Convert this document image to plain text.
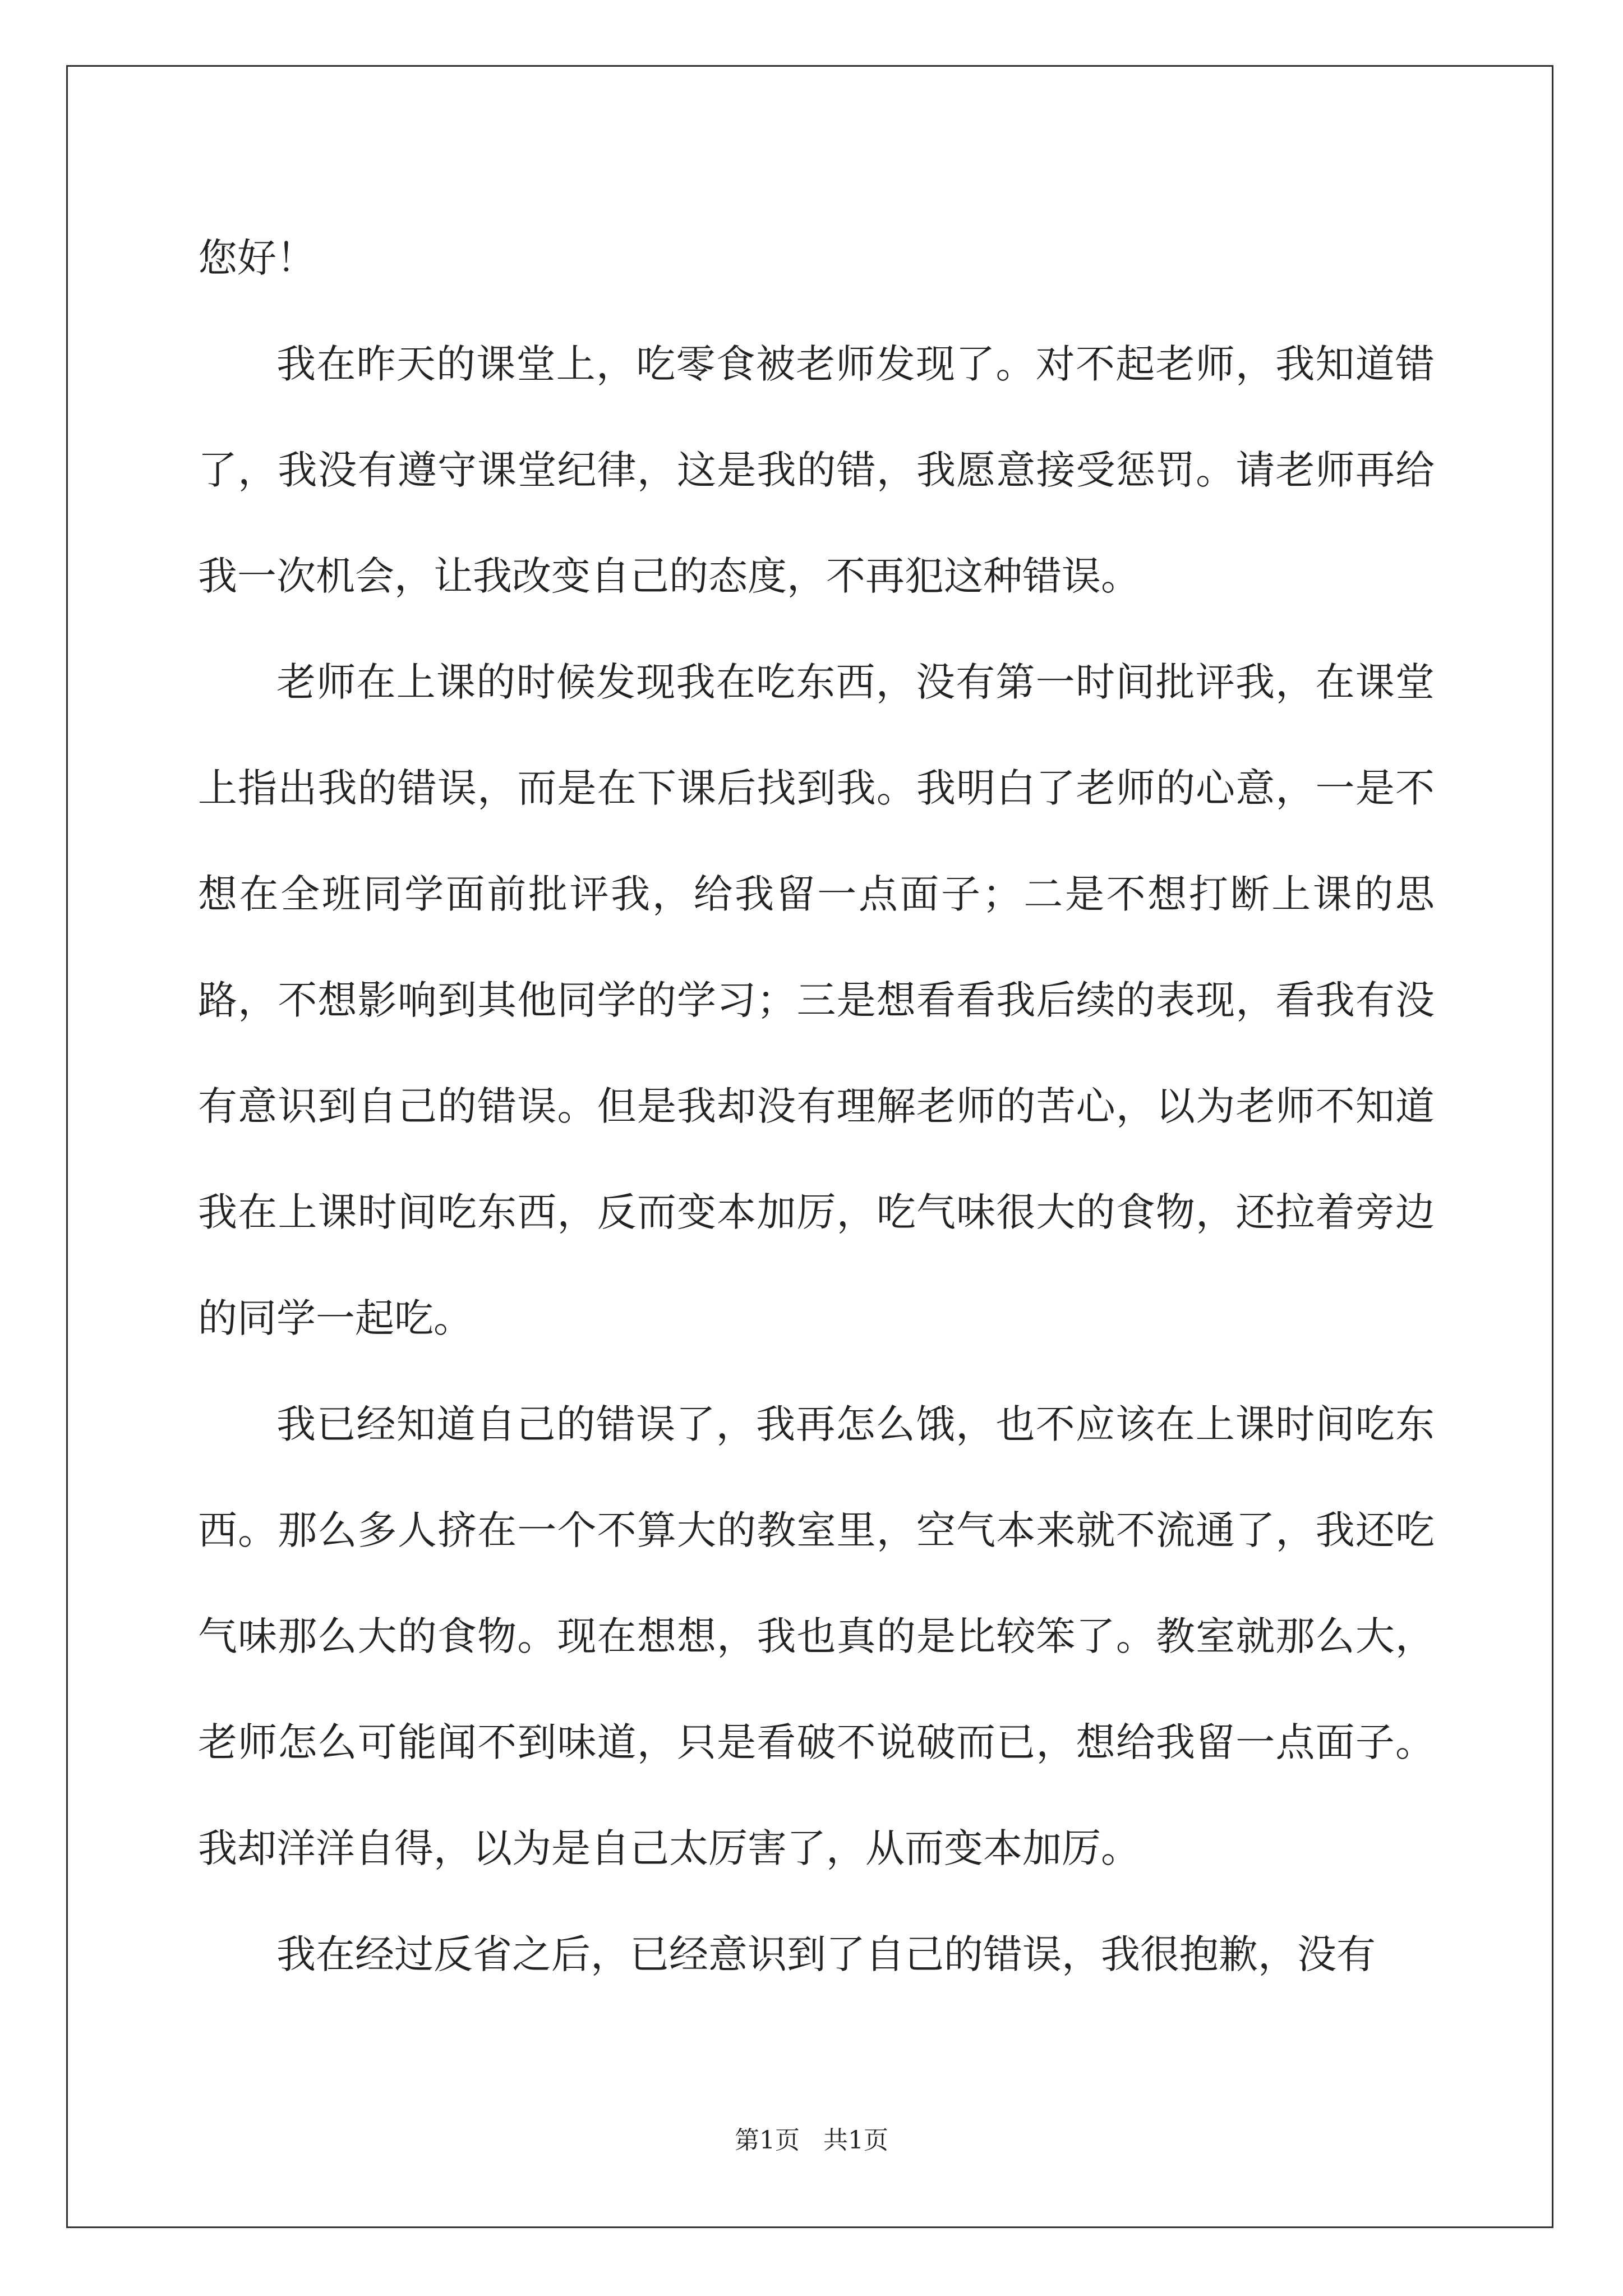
您好！

我在昨天的课堂上，吃零食被老师发现了。对不起老师，我知道错了，我没有遵守课堂纪律，这是我的错，我愿意接受惩罚。请老师再给我一次机会，让我改变自己的态度，不再犯这种错误。

老师在上课的时候发现我在吃东西，没有第一时间批评我，在课堂上指出我的错误，而是在下课后找到我。我明白了老师的心意，一是不想在全班同学面前批评我，给我留一点面子；二是不想打断上课的思路，不想影响到其他同学的学习；三是想看看我后续的表现，看我有没有意识到自己的错误。但是我却没有理解老师的苦心，以为老师不知道我在上课时间吃东西，反而变本加厉，吃气味很大的食物，还拉着旁边的同学一起吃。

我已经知道自己的错误了，我再怎么饿，也不应该在上课时间吃东西。那么多人挤在一个不算大的教室里，空气本来就不流通了，我还吃气味那么大的食物。现在想想，我也真的是比较笨了。教室就那么大，老师怎么可能闻不到味道，只是看破不说破而已，想给我留一点面子。我却洋洋自得，以为是自己太厉害了，从而变本加厉。

我在经过反省之后，已经意识到了自己的错误，我很抱歉，没有

第1页 共1页
